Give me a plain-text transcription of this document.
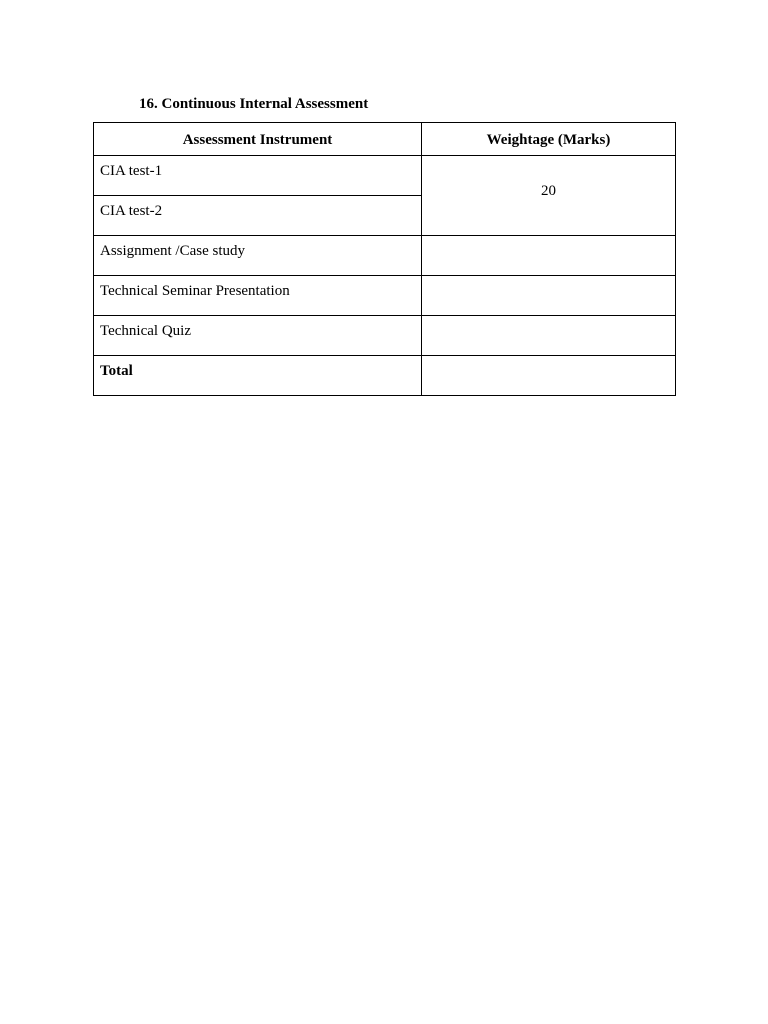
16. Continuous Internal Assessment
Assessment Instrument	Weightage (Marks)
CIA test-1	20
CIA test-2	
Assignment /Case study	
Technical Seminar Presentation	
Technical Quiz	
Total	
